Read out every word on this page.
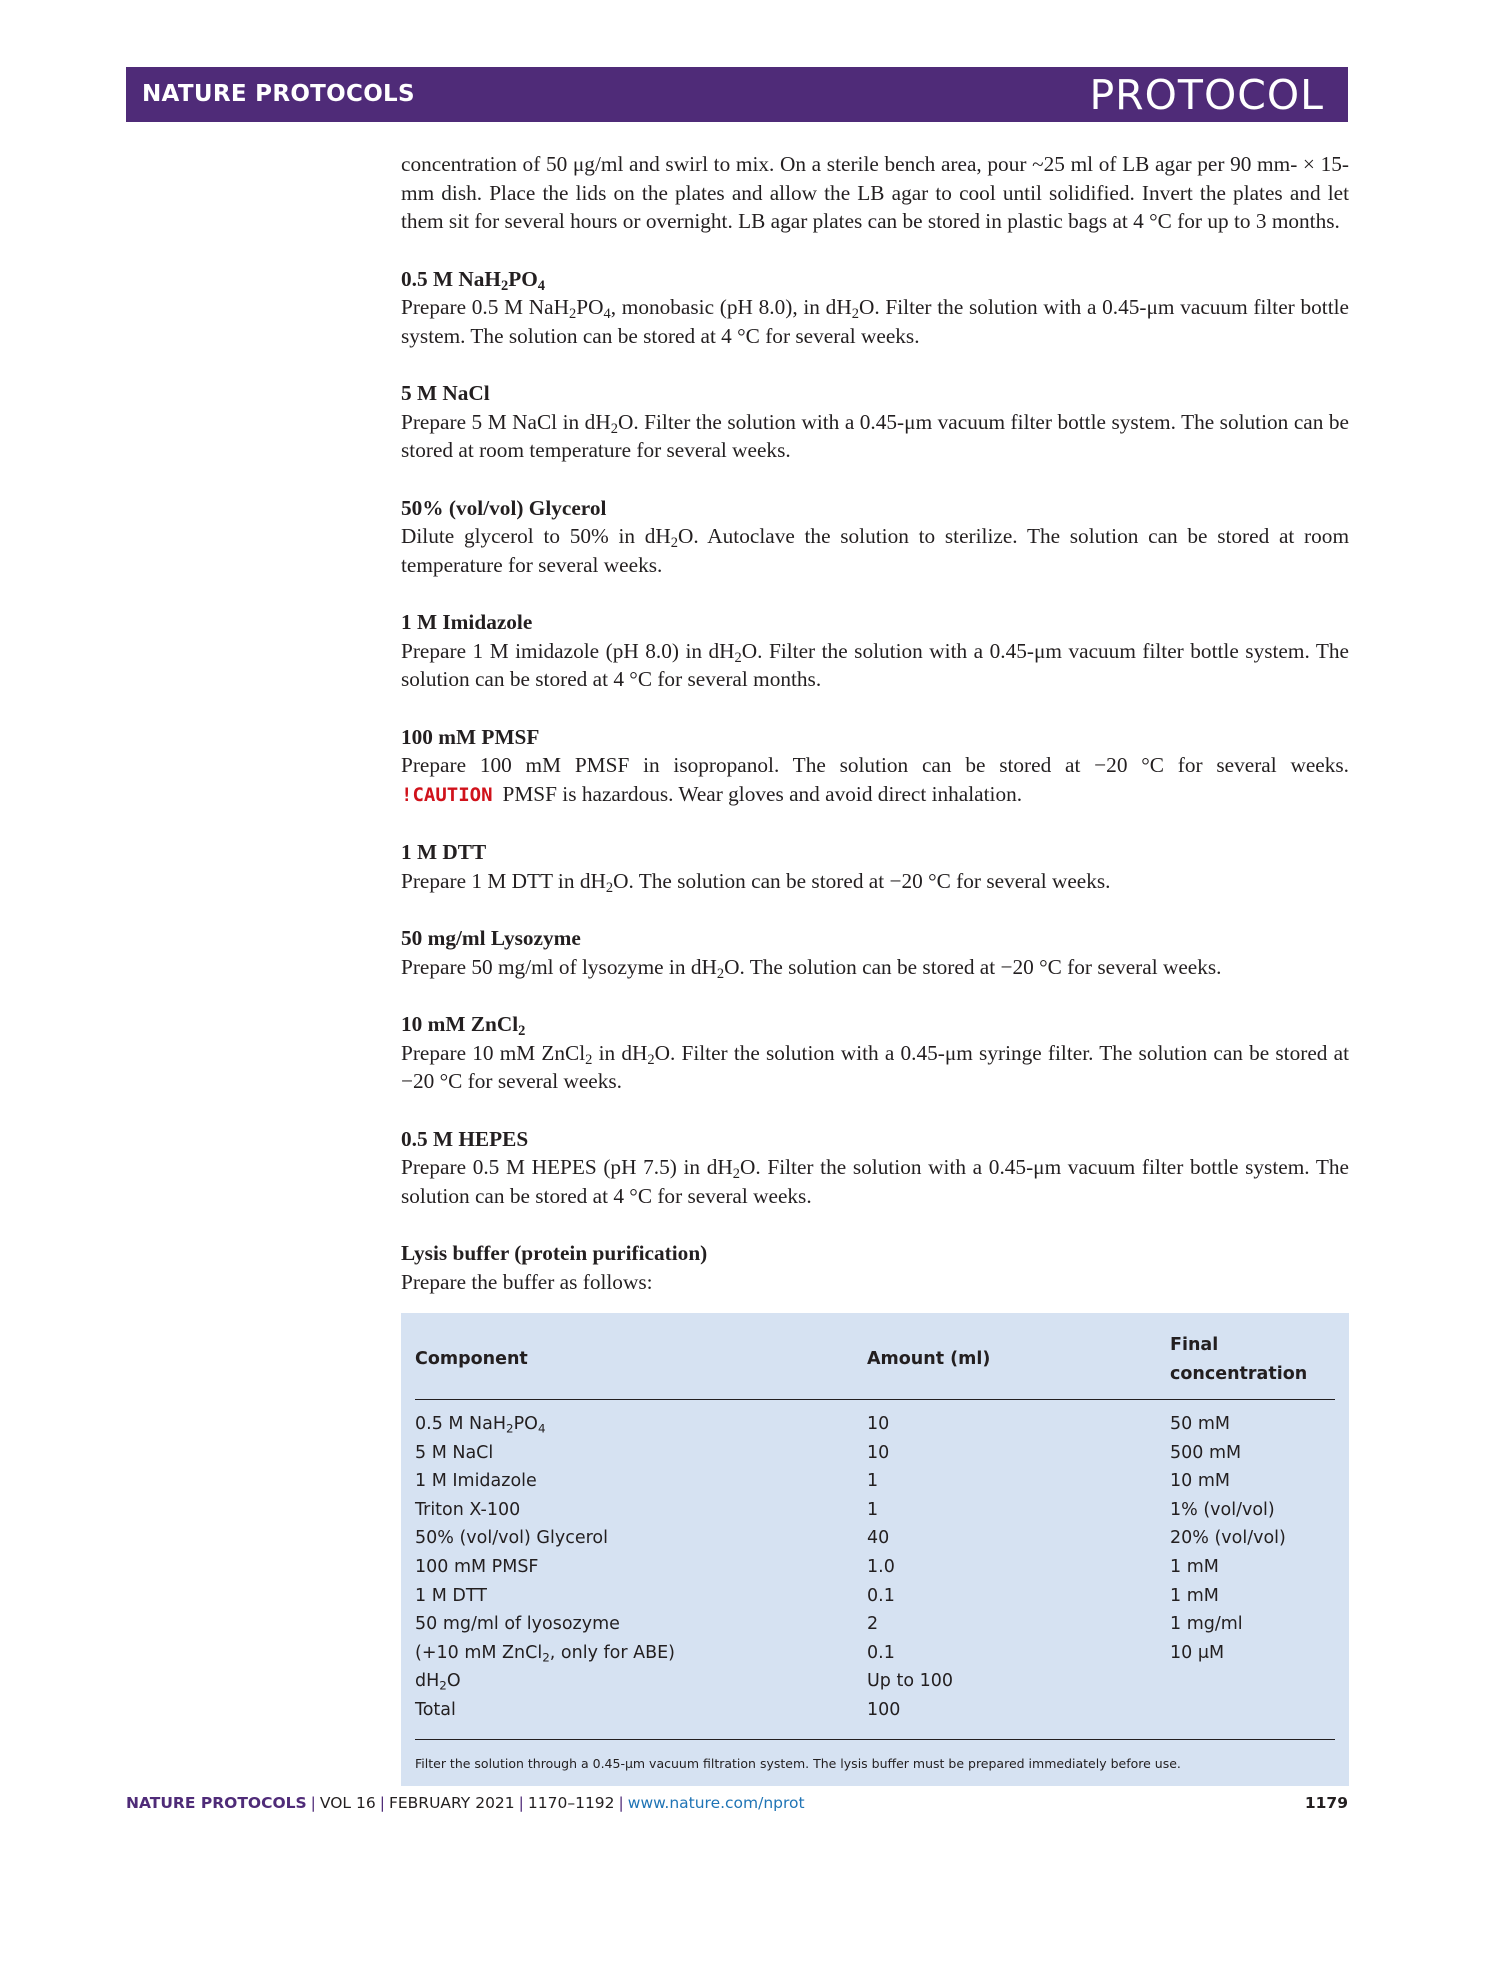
NATURE PROTOCOLS	PROTOCOL

concentration of 50 μg/ml and swirl to mix. On a sterile bench area, pour ~25 ml of LB agar per 90 mm- × 15-mm dish. Place the lids on the plates and allow the LB agar to cool until solidified. Invert the plates and let them sit for several hours or overnight. LB agar plates can be stored in plastic bags at 4 °C for up to 3 months.

0.5 M $NaH_2PO_4$

Prepare 0.5 M $NaH_2PO_4$, monobasic (pH 8.0), in $dH_2O$. Filter the solution with a 0.45-μm vacuum filter bottle system. The solution can be stored at 4 °C for several weeks.

5 M NaCl

Prepare 5 M NaCl in $dH_2O$. Filter the solution with a 0.45-μm vacuum filter bottle system. The solution can be stored at room temperature for several weeks.

50% (vol/vol) Glycerol

Dilute glycerol to 50% in $dH_2O$. Autoclave the solution to sterilize. The solution can be stored at room temperature for several weeks.

1 M Imidazole

Prepare 1 M imidazole (pH 8.0) in $dH_2O$. Filter the solution with a 0.45-μm vacuum filter bottle system. The solution can be stored at 4 °C for several months.

100 mM PMSF

Prepare 100 mM PMSF in isopropanol. The solution can be stored at −20 °C for several weeks. !CAUTION PMSF is hazardous. Wear gloves and avoid direct inhalation.

1 M DTT

Prepare 1 M DTT in $dH_2O$. The solution can be stored at −20 °C for several weeks.

50 mg/ml Lysozyme

Prepare 50 mg/ml of lysozyme in $dH_2O$. The solution can be stored at −20 °C for several weeks.

10 mM ZnCl$_2$

Prepare 10 mM ZnCl$_2$ in $dH_2O$. Filter the solution with a 0.45-μm syringe filter. The solution can be stored at −20 °C for several weeks.

0.5 M HEPES

Prepare 0.5 M HEPES (pH 7.5) in $dH_2O$. Filter the solution with a 0.45-μm vacuum filter bottle system. The solution can be stored at 4 °C for several weeks.

Lysis buffer (protein purification)

Prepare the buffer as follows:

Component	Amount (ml)	Final concentration
0.5 M $NaH_2PO_4$	10	50 mM
5 M NaCl	10	500 mM
1 M Imidazole	1	10 mM
Triton X-100	1	1% (vol/vol)
50% (vol/vol) Glycerol	40	20% (vol/vol)
100 mM PMSF	1.0	1 mM
1 M DTT	0.1	1 mM
50 mg/ml of lyosozyme	2	1 mg/ml
(+10 mM ZnCl$_2$, only for ABE)	0.1	10 μM
$dH_2O$	Up to 100	
Total	100	
Filter the solution through a 0.45-μm vacuum filtration system. The lysis buffer must be prepared immediately before use.
NATURE PROTOCOLS | VOL 16 | FEBRUARY 2021 | 1170–1192 | www.nature.com/nprot	1179
